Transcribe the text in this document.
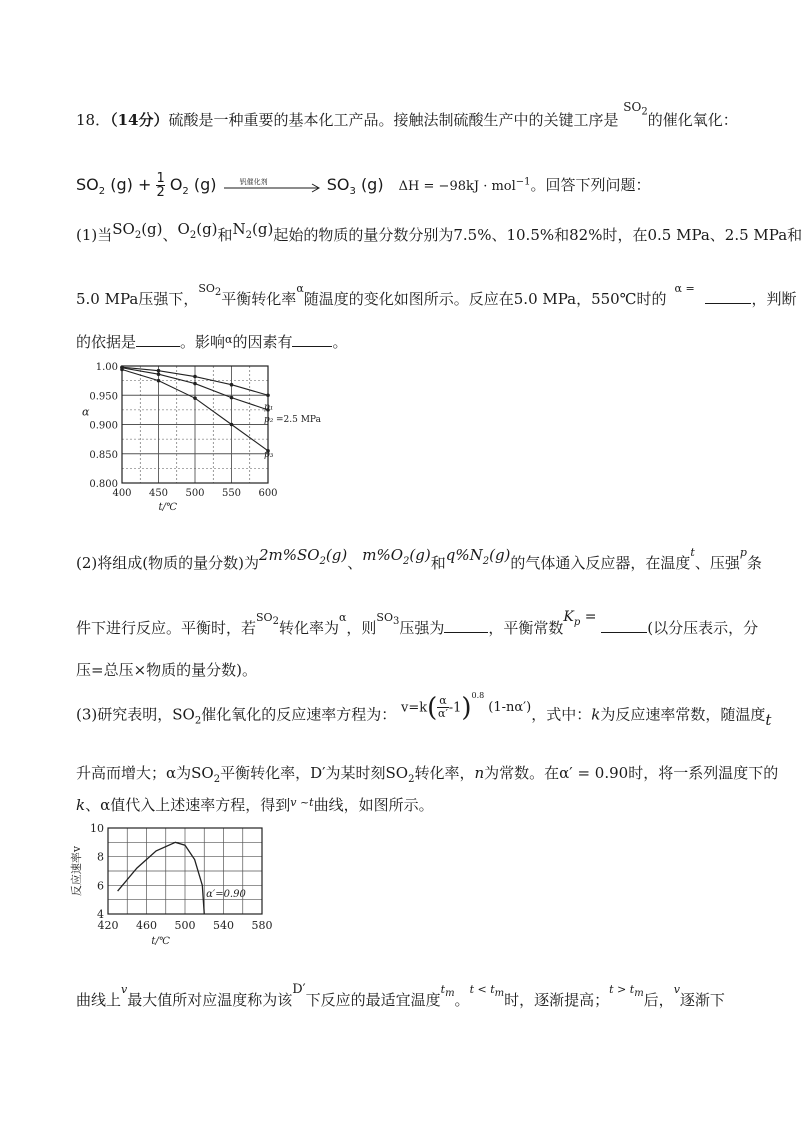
18．（14分）硫酸是一种重要的基本化工产品。接触法制硫酸生产中的关键工序是 $SO_2$的催化氧化：
$SO_2$ $(g) + \frac{1}{2} O_2$ (g)	钒催化剂	$SO_3$ (g) ΔH = −98kJ · mol$^{-1}$。回答下列问题：
(1)当$SO_2(g)$、$O_2(g)$和$N_2(g)$起始的物质的量分数分别为7.5%、10.5%和82%时，在0.5 MPa、2.5 MPa和
5.0 MPa压强下，$^{SO_2}$平衡转化率$^\alpha$随温度的变化如图所示。反应在5.0 MPa，550℃时的$^{\alpha =}$ ，判断
的依据是	。影响$^\alpha$的因素有	。
0.800
0.850
0.900
0.950
1.00
400 450 500 550 600
α
t/℃
p₁
p₂ =2.5 MPa
p₃
(2)将组成(物质的量分数)为$2m\%SO_2(g)$、$m\%O_2(g)$和$q\%N_2(g)$的气体通入反应器，在温度$^t$、压强$^p$条
件下进行反应。平衡时，若$^{SO_2}$转化率为$^\alpha$，则$^{SO_3}$压强为	，平衡常数$K_p$ = (以分压表示，分
压=总压×物质的量分数)。
(3)研究表明，$SO_2$催化氧化的反应速率方程为： $v=k( \frac{\alpha}{\alpha'} -1)^{0.8}(1-n\alpha')$，式中：k为反应速率常数，随温度t
升高而增大；α为$SO_2$平衡转化率，D′为某时刻$SO_2$转化率，n为常数。在α′ = 0.90时，将一系列温度下的
k、α值代入上述速率方程，得到$^{v \sim t}$曲线，如图所示。
4
6
8
10
420 460 500 540 580
反应速率v
t/℃
α′=0.90
曲线上$^v$最大值所对应温度称为该D′下反应的最适宜温度$^{t_m}$。$^{t < t_m}$时，逐渐提高；$^{t > t_m}$后，$^v$逐渐下
